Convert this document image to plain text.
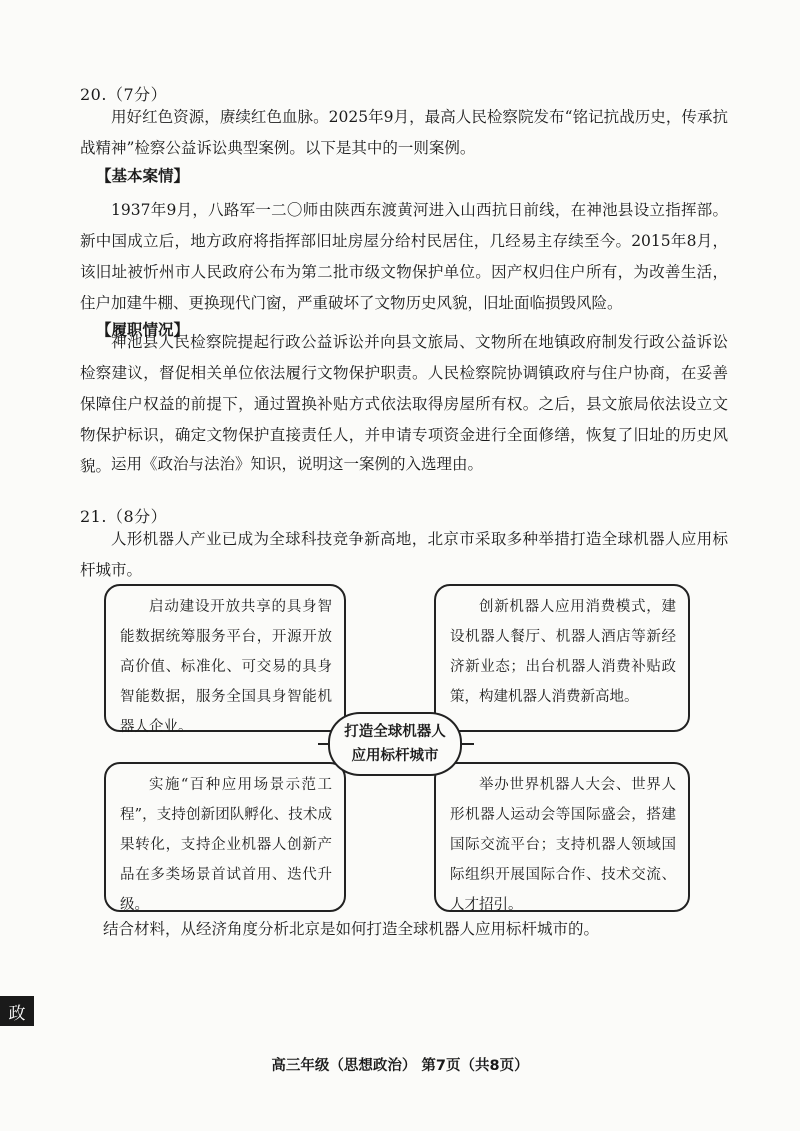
20.（7分）

用好红色资源，赓续红色血脉。2025年9月，最高人民检察院发布“铭记抗战历史，传承抗战精神”检察公益诉讼典型案例。以下是其中的一则案例。

【基本案情】

1937年9月，八路军一二〇师由陕西东渡黄河进入山西抗日前线，在神池县设立指挥部。新中国成立后，地方政府将指挥部旧址房屋分给村民居住，几经易主存续至今。2015年8月，该旧址被忻州市人民政府公布为第二批市级文物保护单位。因产权归住户所有，为改善生活，住户加建牛棚、更换现代门窗，严重破坏了文物历史风貌，旧址面临损毁风险。

【履职情况】

神池县人民检察院提起行政公益诉讼并向县文旅局、文物所在地镇政府制发行政公益诉讼检察建议，督促相关单位依法履行文物保护职责。人民检察院协调镇政府与住户协商，在妥善保障住户权益的前提下，通过置换补贴方式依法取得房屋所有权。之后，县文旅局依法设立文物保护标识，确定文物保护直接责任人，并申请专项资金进行全面修缮，恢复了旧址的历史风貌。 运用《政治与法治》知识，说明这一案例的入选理由。

21.（8分）

人形机器人产业已成为全球科技竞争新高地，北京市采取多种举措打造全球机器人应用标杆城市。

启动建设开放共享的具身智能数据统筹服务平台，开源开放高价值、标准化、可交易的具身智能数据，服务全国具身智能机器人企业。
创新机器人应用消费模式，建设机器人餐厅、机器人酒店等新经济新业态；出台机器人消费补贴政策，构建机器人消费新高地。
实施“百种应用场景示范工程”，支持创新团队孵化、技术成果转化，支持企业机器人创新产品在多类场景首试首用、迭代升级。
举办世界机器人大会、世界人形机器人运动会等国际盛会，搭建国际交流平台；支持机器人领域国际组织开展国际合作、技术交流、人才招引。
打造全球机器人
应用标杆城市

结合材料，从经济角度分析北京是如何打造全球机器人应用标杆城市的。

政
高三年级（思想政治） 第7页（共8页）
